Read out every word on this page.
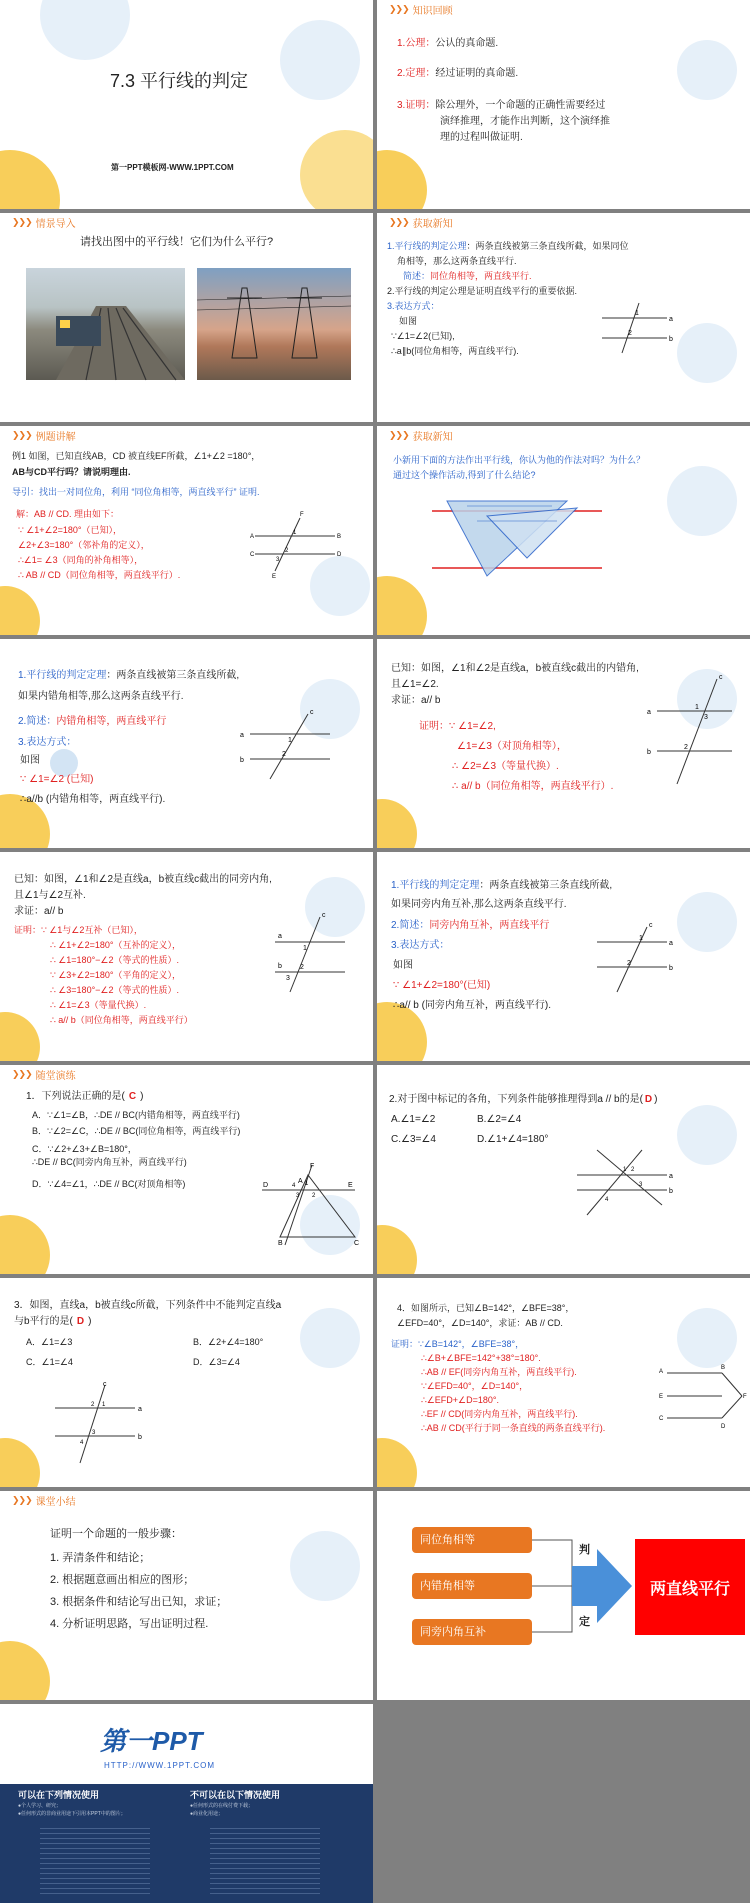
7.3 平行线的判定
第一PPT模板网-WWW.1PPT.COM
❯❯❯ 知识回顾
1.公理：公认的真命题.
2.定理：经过证明的真命题.
3.证明：除公理外，一个命题的正确性需要经过
演绎推理，才能作出判断，这个演绎推
理的过程叫做证明.
❯❯❯ 情景导入
请找出图中的平行线！它们为什么平行?
❯❯❯ 获取新知
1.平行线的判定公理：两条直线被第三条直线所截，如果同位
角相等，那么这两条直线平行.
简述：同位角相等，两直线平行.
2.平行线的判定公理是证明直线平行的重要依据.
3.表达方式：
如图
∵∠1=∠2(已知),
∴a∥b(同位角相等，两直线平行).
1
2
a
b
❯❯❯ 例题讲解
例1 如图，已知直线AB，CD 被直线EF所截，∠1+∠2 =180°，
AB与CD平行吗？请说明理由.
导引：找出一对同位角，利用 “同位角相等，两直线平行” 证明.
解：AB // CD. 理由如下：
∵ ∠1+∠2=180°（已知），
∠2+∠3=180°（邻补角的定义），
∴∠1= ∠3（同角的补角相等），
∴ AB // CD（同位角相等，两直线平行）.
A	B
C	D
E
F
1
2
3
❯❯❯ 获取新知
小新用下面的方法作出平行线，你认为他的作法对吗？为什么？
通过这个操作活动,得到了什么结论?
1.平行线的判定定理：两条直线被第三条直线所截,
如果内错角相等,那么这两条直线平行.
2.简述：内错角相等，两直线平行
3.表达方式：
如图
∵ ∠1=∠2 (已知)
∴a//b (内错角相等，两直线平行).
a
b
c
1
2
已知：如图，∠1和∠2是直线a，b被直线c截出的内错角,
且∠1=∠2.
求证：a// b
证明：∵ ∠1=∠2,
∠1=∠3（对顶角相等），
∴ ∠2=∠3（等量代换）.
∴ a// b（同位角相等，两直线平行）.
a
b
c
1
2
3
已知：如图，∠1和∠2是直线a，b被直线c截出的同旁内角,
且∠1与∠2互补.
求证：a// b
证明：∵ ∠1与∠2互补（已知），
∴ ∠1+∠2=180°（互补的定义），
∴ ∠1=180°−∠2（等式的性质）.
∵ ∠3+∠2=180°（平角的定义），
∴ ∠3=180°−∠2（等式的性质）.
∴ ∠1=∠3（等量代换）.
∴ a// b（同位角相等，两直线平行）
a
b
c
1
2
3
1.平行线的判定定理：两条直线被第三条直线所截,
如果同旁内角互补,那么这两条直线平行.
2.简述：同旁内角互补，两直线平行
3.表达方式：
如图
∵ ∠1+∠2=180°(已知)
∴a// b (同旁内角互补，两直线平行).
a
b
c
1
2
❯❯❯ 随堂演练
1．下列说法正确的是( C )
A．∵∠1=∠B，∴DE // BC(内错角相等，两直线平行)
B．∵∠2=∠C，∴DE // BC(同位角相等，两直线平行)
C．∵∠2+∠3+∠B=180°，
∴DE // BC(同旁内角互补，两直线平行)
D．∵∠4=∠1，∴DE // BC(对顶角相等)
F
D	E
A
B	C
1
2
3
4
2.对于图中标记的各角，下列条件能够推理得到a // b的是( D )
A.∠1=∠2	B.∠2=∠4
C.∠3=∠4	D.∠1+∠4=180°
a
b
1 2
3
4
3．如图，直线a，b被直线c所截，下列条件中不能判定直线a
与b平行的是( D )
A．∠1=∠3	B．∠2+∠4=180°
C．∠1=∠4	D．∠3=∠4
c
a
b
1
2
3
4
4．如图所示，已知∠B=142°，∠BFE=38°，
∠EFD=40°，∠D=140°，求证：AB // CD.
证明：∵∠B=142°，∠BFE=38°，
∴∠B+∠BFE=142°+38°=180°.
∴AB // EF(同旁内角互补，两直线平行).
∵∠EFD=40°，∠D=140°，
∴∠EFD+∠D=180°.
∴EF // CD(同旁内角互补，两直线平行).
∴AB // CD(平行于同一条直线的两条直线平行).
A
B
E	F
C
D
❯❯❯ 课堂小结
证明一个命题的一般步骤：
1. 弄清条件和结论；
2. 根据题意画出相应的图形；
3. 根据条件和结论写出已知，求证；
4. 分析证明思路，写出证明过程.
同位角相等
内错角相等
同旁内角互补
判
定
两直线平行
第一PPT
HTTP://WWW.1PPT.COM
可以在下列情况使用	不可以在以下情况使用
●个人学习、研究；
●任何形式的非商业用途下引用本PPT中的图片；
●任何形式的在线付费下载；
●商业化用途；
